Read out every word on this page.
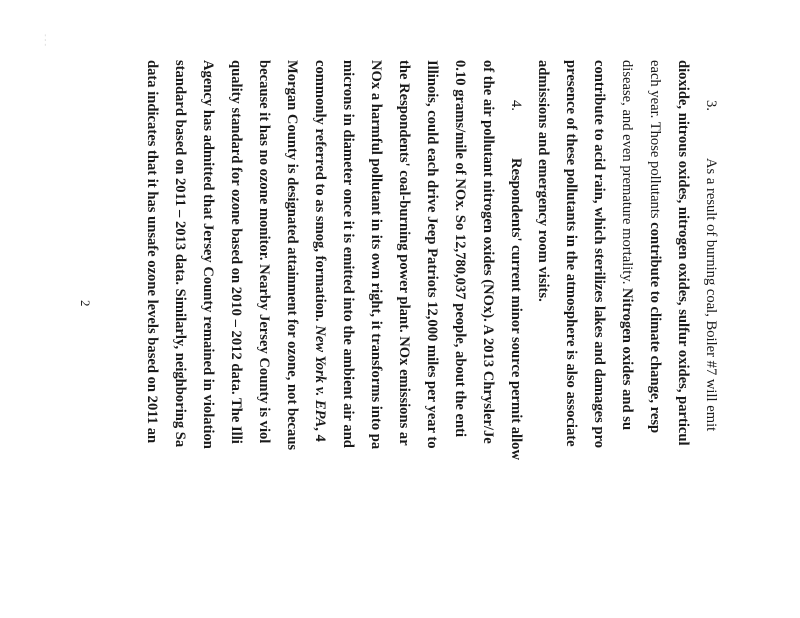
- - -
3.
As a result of burning coal, Boiler #7 will emit
dioxide, nitrous oxides, nitrogen oxides, sulfur oxides, particul
each year. Those pollutants contribute to climate change, resp
disease, and even premature mortality. Nitrogen oxides and su
contribute to acid rain, which sterilizes lakes and damages pro
presence of these pollutants in the atmosphere is also associate
admissions and emergency room visits.
4.
Respondents' current minor source permit allow
of the air pollutant nitrogen oxides (NOx). A 2013 Chrysler/Je
0.10 grams/mile of NOx. So 12,780,037 people, about the enti
Illinois, could each drive Jeep Patriots 12,000 miles per year to
the Respondents' coal-burning power plant. NOx emissions ar
NOx a harmful pollutant in its own right, it transforms into pa
microns in diameter once it is emitted into the ambient air and
commonly referred to as smog, formation. New York v. EPA, 4
Morgan County is designated attainment for ozone, not becaus
because it has no ozone monitor. Nearby Jersey County is viol
quality standard for ozone based on 2010 – 2012 data. The Illi
Agency has admitted that Jersey County remained in violation
standard based on 2011 – 2013 data. Similarly, neighboring Sa
data indicates that it has unsafe ozone levels based on 2011 an
2
